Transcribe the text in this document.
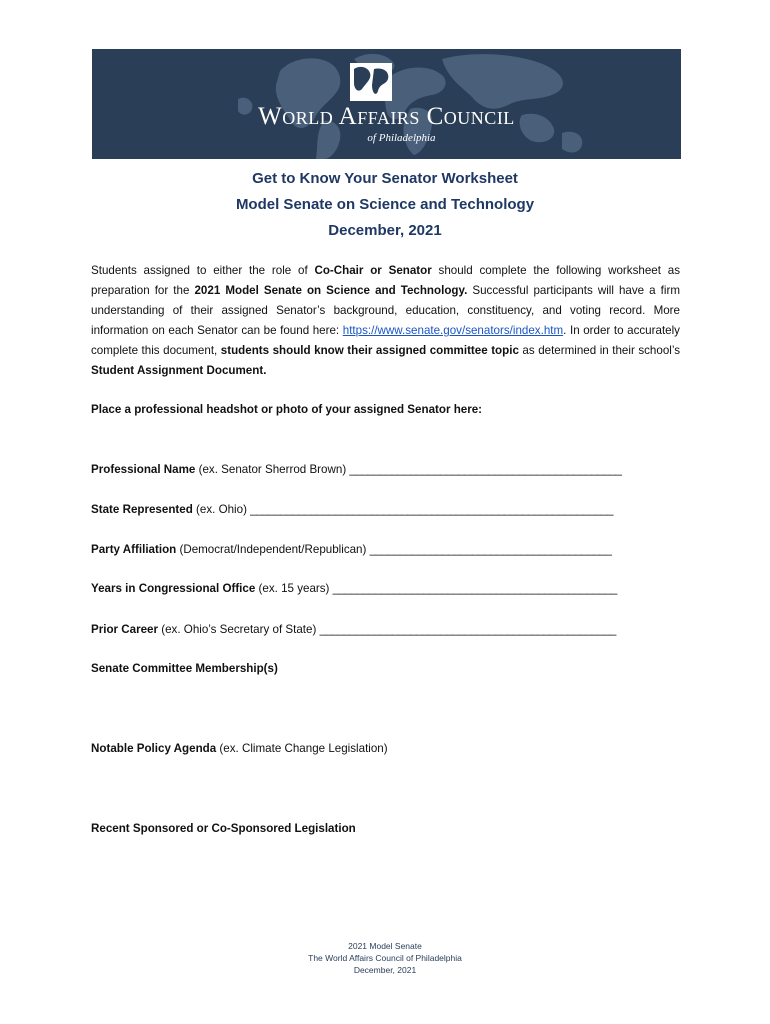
World Affairs Council
of Philadelphia
Get to Know Your Senator Worksheet
Model Senate on Science and Technology
December, 2021

Students assigned to either the role of Co-Chair or Senator should complete the following worksheet as preparation for the 2021 Model Senate on Science and Technology. Successful participants will have a firm understanding of their assigned Senator’s background, education, constituency, and voting record. More information on each Senator can be found here: https://www.senate.gov/senators/index.htm. In order to accurately complete this document, students should know their assigned committee topic as determined in their school’s Student Assignment Document.

Place a professional headshot or photo of your assigned Senator here:
Professional Name (ex. Senator Sherrod Brown) _____________________________________________
State Represented (ex. Ohio) ____________________________________________________________
Party Affiliation (Democrat/Independent/Republican) ________________________________________
Years in Congressional Office (ex. 15 years) _______________________________________________
Prior Career (ex. Ohio’s Secretary of State) _________________________________________________
Senate Committee Membership(s)
Notable Policy Agenda (ex. Climate Change Legislation)
Recent Sponsored or Co-Sponsored Legislation
2021 Model Senate
The World Affairs Council of Philadelphia
December, 2021
